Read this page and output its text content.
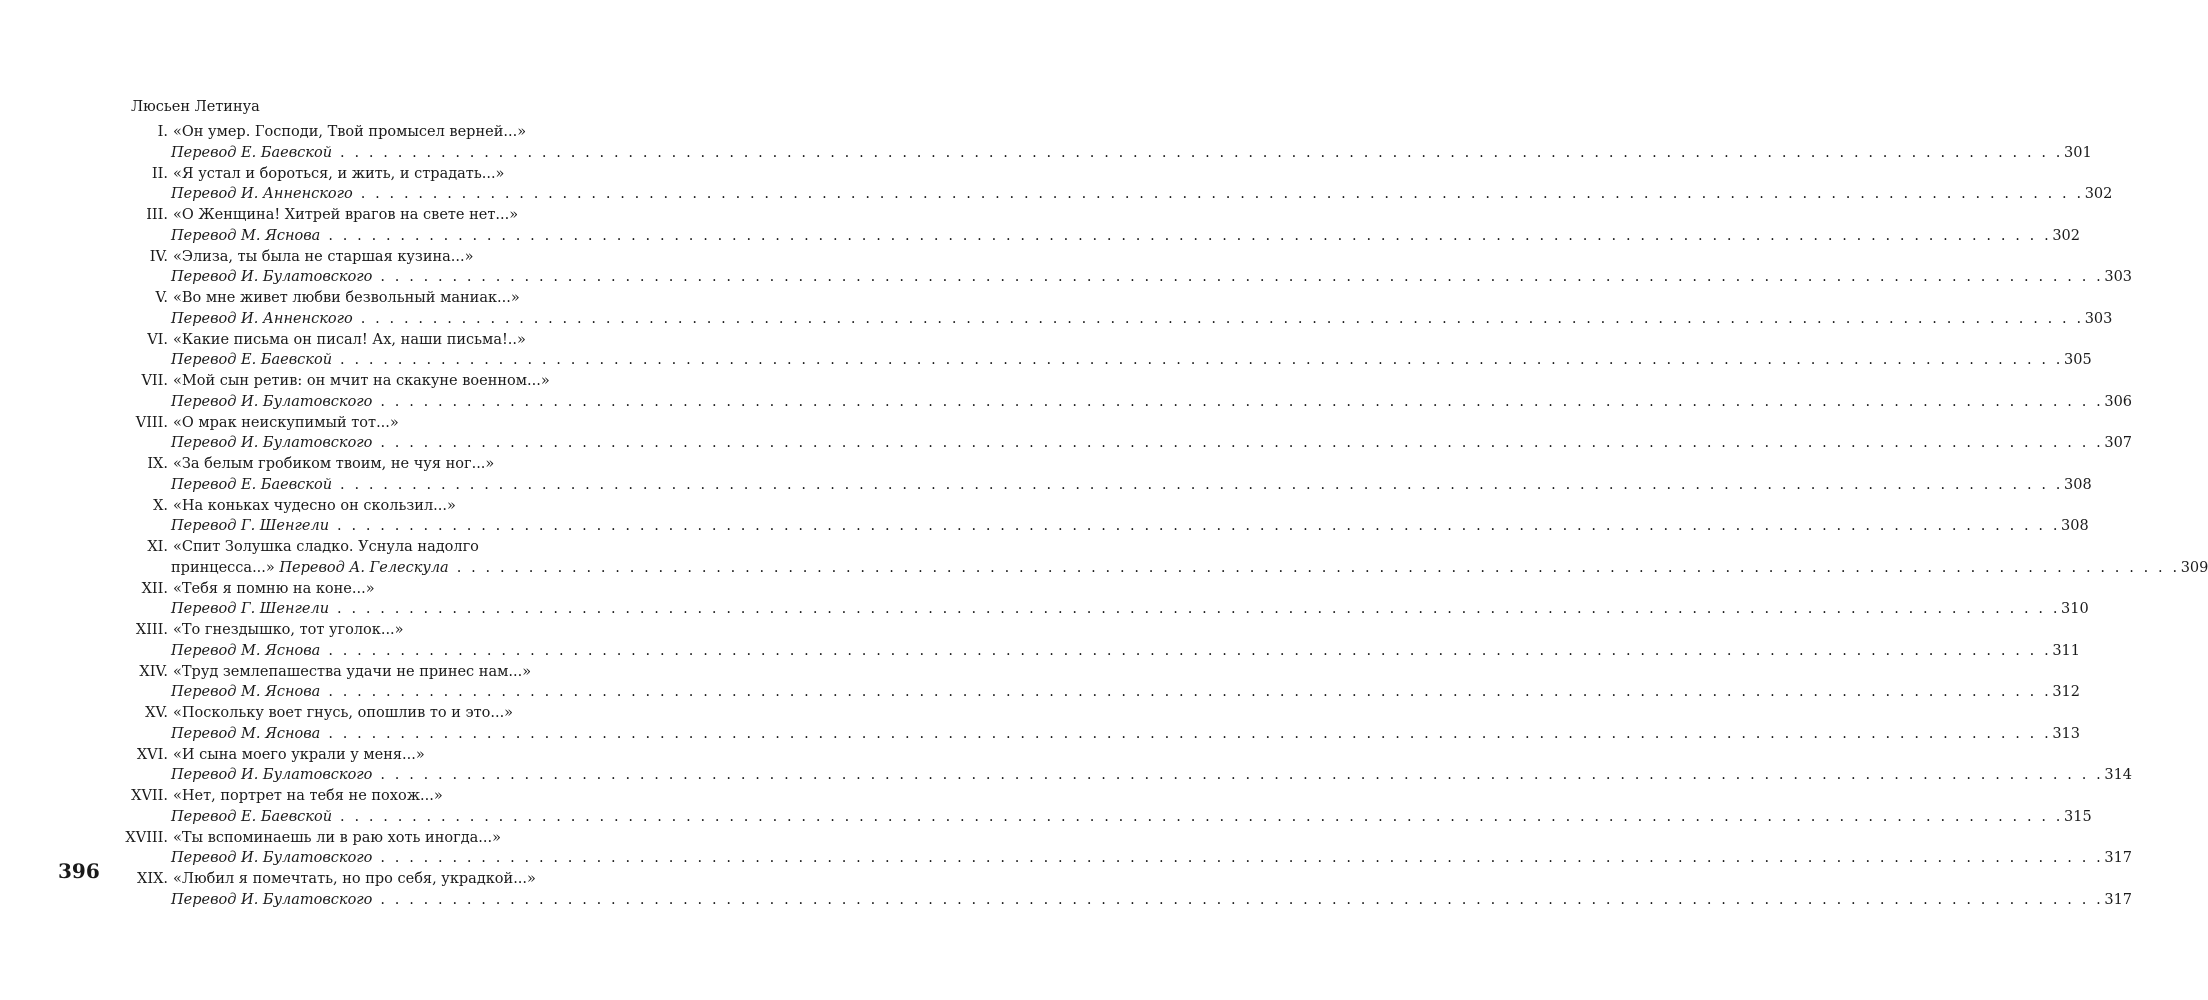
Люсьен Летинуа
I. «Он умер. Господи, Твой промысел верней...»
Перевод Е. Баевской . . . . . . . . . . . . . . . . . . . . . . . . . . . . . . . . . . . . . . . . . . . . . . . . . . . . . . . . . . . . . . . . . . . . . . . . . . . . . . . . . . . . . . . . . . . . . . . . . . . . . . . . . . . . . . . . . . . . . . . . 301
II. «Я устал и бороться, и жить, и страдать...»
Перевод И. Анненского . . . . . . . . . . . . . . . . . . . . . . . . . . . . . . . . . . . . . . . . . . . . . . . . . . . . . . . . . . . . . . . . . . . . . . . . . . . . . . . . . . . . . . . . . . . . . . . . . . . . . . . . . . . . . . . . . . . . . . . . 302
III. «О Женщина! Хитрей врагов на свете нет...»
Перевод М. Яснова . . . . . . . . . . . . . . . . . . . . . . . . . . . . . . . . . . . . . . . . . . . . . . . . . . . . . . . . . . . . . . . . . . . . . . . . . . . . . . . . . . . . . . . . . . . . . . . . . . . . . . . . . . . . . . . . . . . . . . . . 302
IV. «Элиза, ты была не старшая кузина...»
Перевод И. Булатовского . . . . . . . . . . . . . . . . . . . . . . . . . . . . . . . . . . . . . . . . . . . . . . . . . . . . . . . . . . . . . . . . . . . . . . . . . . . . . . . . . . . . . . . . . . . . . . . . . . . . . . . . . . . . . . . . . . . . . . . . 303
V. «Во мне живет любви безвольный маниак...»
Перевод И. Анненского . . . . . . . . . . . . . . . . . . . . . . . . . . . . . . . . . . . . . . . . . . . . . . . . . . . . . . . . . . . . . . . . . . . . . . . . . . . . . . . . . . . . . . . . . . . . . . . . . . . . . . . . . . . . . . . . . . . . . . . . 303
VI. «Какие письма он писал! Ах, наши письма!..»
Перевод Е. Баевской . . . . . . . . . . . . . . . . . . . . . . . . . . . . . . . . . . . . . . . . . . . . . . . . . . . . . . . . . . . . . . . . . . . . . . . . . . . . . . . . . . . . . . . . . . . . . . . . . . . . . . . . . . . . . . . . . . . . . . . . 305
VII. «Мой сын ретив: он мчит на скакуне военном...»
Перевод И. Булатовского . . . . . . . . . . . . . . . . . . . . . . . . . . . . . . . . . . . . . . . . . . . . . . . . . . . . . . . . . . . . . . . . . . . . . . . . . . . . . . . . . . . . . . . . . . . . . . . . . . . . . . . . . . . . . . . . . . . . . . . . 306
VIII. «О мрак неискупимый тот...»
Перевод И. Булатовского . . . . . . . . . . . . . . . . . . . . . . . . . . . . . . . . . . . . . . . . . . . . . . . . . . . . . . . . . . . . . . . . . . . . . . . . . . . . . . . . . . . . . . . . . . . . . . . . . . . . . . . . . . . . . . . . . . . . . . . . 307
IX. «За белым гробиком твоим, не чуя ног...»
Перевод Е. Баевской . . . . . . . . . . . . . . . . . . . . . . . . . . . . . . . . . . . . . . . . . . . . . . . . . . . . . . . . . . . . . . . . . . . . . . . . . . . . . . . . . . . . . . . . . . . . . . . . . . . . . . . . . . . . . . . . . . . . . . . . 308
X. «На коньках чудесно он скользил...»
Перевод Г. Шенгели . . . . . . . . . . . . . . . . . . . . . . . . . . . . . . . . . . . . . . . . . . . . . . . . . . . . . . . . . . . . . . . . . . . . . . . . . . . . . . . . . . . . . . . . . . . . . . . . . . . . . . . . . . . . . . . . . . . . . . . . 308
XI. «Спит Золушка сладко. Уснула надолго
принцесса...» Перевод А. Гелескула . . . . . . . . . . . . . . . . . . . . . . . . . . . . . . . . . . . . . . . . . . . . . . . . . . . . . . . . . . . . . . . . . . . . . . . . . . . . . . . . . . . . . . . . . . . . . . . . . . . . . . . . . . . . . . . . . . . . . . . . 309
XII. «Тебя я помню на коне...»
Перевод Г. Шенгели . . . . . . . . . . . . . . . . . . . . . . . . . . . . . . . . . . . . . . . . . . . . . . . . . . . . . . . . . . . . . . . . . . . . . . . . . . . . . . . . . . . . . . . . . . . . . . . . . . . . . . . . . . . . . . . . . . . . . . . . 310
XIII. «То гнездышко, тот уголок...»
Перевод М. Яснова . . . . . . . . . . . . . . . . . . . . . . . . . . . . . . . . . . . . . . . . . . . . . . . . . . . . . . . . . . . . . . . . . . . . . . . . . . . . . . . . . . . . . . . . . . . . . . . . . . . . . . . . . . . . . . . . . . . . . . . . 311
XIV. «Труд землепашества удачи не принес нам...»
Перевод М. Яснова . . . . . . . . . . . . . . . . . . . . . . . . . . . . . . . . . . . . . . . . . . . . . . . . . . . . . . . . . . . . . . . . . . . . . . . . . . . . . . . . . . . . . . . . . . . . . . . . . . . . . . . . . . . . . . . . . . . . . . . . 312
XV. «Поскольку воет гнусь, опошлив то и это...»
Перевод М. Яснова . . . . . . . . . . . . . . . . . . . . . . . . . . . . . . . . . . . . . . . . . . . . . . . . . . . . . . . . . . . . . . . . . . . . . . . . . . . . . . . . . . . . . . . . . . . . . . . . . . . . . . . . . . . . . . . . . . . . . . . . 313
XVI. «И сына моего украли у меня...»
Перевод И. Булатовского . . . . . . . . . . . . . . . . . . . . . . . . . . . . . . . . . . . . . . . . . . . . . . . . . . . . . . . . . . . . . . . . . . . . . . . . . . . . . . . . . . . . . . . . . . . . . . . . . . . . . . . . . . . . . . . . . . . . . . . . 314
XVII. «Нет, портрет на тебя не похож...»
Перевод Е. Баевской . . . . . . . . . . . . . . . . . . . . . . . . . . . . . . . . . . . . . . . . . . . . . . . . . . . . . . . . . . . . . . . . . . . . . . . . . . . . . . . . . . . . . . . . . . . . . . . . . . . . . . . . . . . . . . . . . . . . . . . . 315
XVIII. «Ты вспоминаешь ли в раю хоть иногда...»
Перевод И. Булатовского . . . . . . . . . . . . . . . . . . . . . . . . . . . . . . . . . . . . . . . . . . . . . . . . . . . . . . . . . . . . . . . . . . . . . . . . . . . . . . . . . . . . . . . . . . . . . . . . . . . . . . . . . . . . . . . . . . . . . . . . 317
XIX. «Любил я помечтать, но про себя, украдкой...»
Перевод И. Булатовского . . . . . . . . . . . . . . . . . . . . . . . . . . . . . . . . . . . . . . . . . . . . . . . . . . . . . . . . . . . . . . . . . . . . . . . . . . . . . . . . . . . . . . . . . . . . . . . . . . . . . . . . . . . . . . . . . . . . . . . . 317
396
